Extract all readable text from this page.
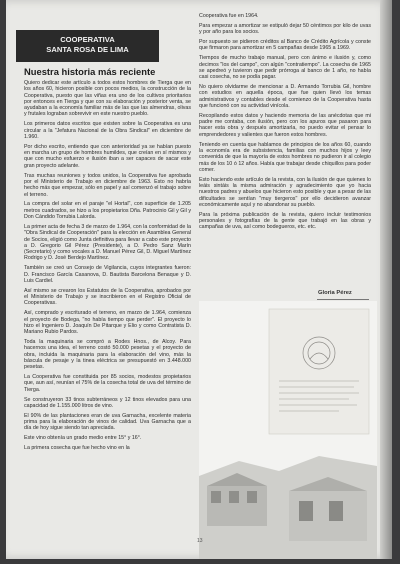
COOPERATIVA
SANTA ROSA DE LIMA
Nuestra historia más reciente

Quiero dedicar este artículo a todos estos hombres de Tierga que en los años 60, hicieron posible con pocos medios, la construcción de la Cooperativa, puesto que las viñas era uno de los cultivos prioritarios por entonces en Tierga y que con su elaboración y posterior venta, se ayudaban a la economía familiar más de las que las almendras, olivas y frutales lograban sobrevivir en este nuestro pueblo.

Los primeros datos escritos que existen sobre la Cooperativa es una circular a la "Jefatura Nacional de la Obra Sindical" en diciembre de 1.960.

Por dicho escrito, entiendo que con anterioridad ya se habían puesto en marcha un grupo de hombres humildes, que creían en sí mismos y que con mucho esfuerzo e ilusión iban a ser capaces de sacar este gran proyecto adelante.

Tras muchas reuniones y todos unidos, la Cooperativa fue aprobada por el Ministerio de Trabajo en diciembre de 1963. Esto no habría hecho más que empezar, sólo en papel y así comenzó el trabajo sobre el terreno.

La compra del solar en el paraje "el Hortal", con superficie de 1.205 metros cuadrados, se hizo a los propietarios Dña. Patrocinio Gil y Gil y Don Cándido Torrubia Lalorda.

La primer acta de fecha 3 de marzo de 1.964, con la conformidad de la "Obra Sindical de Cooperación" para la elección en Asamblea General de Socios, eligió como Junta definitiva para llevar a cabo este proyecto a D. Gregorio Gil Pérez (Presidente), a D. Pedro Sanz Marín (Secretario) y como vocales a D. Manuel Pérez Gil, D. Miguel Martínez Rodrigo y D. José Berdejo Martínez.

También se creó un Consejo de Vigilancia, cuyos integrantes fueron: D. Francisco García Casanova, D. Bautista Barcelona Benaque y D. Luis Cardiel.

Así mismo se crearon los Estatutos de la Cooperativa, aprobados por el Ministerio de Trabajo y se inscribieron en el Registro Oficial de Cooperativas.

Así, comprado y escriturado el terreno, en marzo de 1.964, comienza el proyecto de Bodega, "no había tiempo que perder". El proyecto lo hizo el Ingeniero D. Joaquín De Pitarque y Elio y como Contratista D. Mariano Rubio Pardos.

Toda la maquinaria se compró a Rodes Hnos., de Alcoy. Para hacernos una idea, el terreno costó 50.000 pesetas y el proyecto de obra, incluida la maquinaria para la elaboración del vino, más la báscula de pesaje y la tinea eléctrica se presupuestó en 3.448.000 pesetas.

La Cooperativa fue constituida por 85 socios, modestos propietarios que, aun así, reunían el 75% de la cosecha total de uva del término de Tierga.

Se construyeron 33 tinos subterráneos y 12 tinos elevados para una capacidad de 1.155.000 litros de vino.

El 90% de las plantaciones eran de uva Garnacha, excelente materia prima para la elaboración de vinos de calidad. Uva Garnacha que a día de hoy sigue siendo tan apreciada.

Este vino obtenía un grado medio entre 15° y 16°.

La primera cosecha que fue hecho vino en la

Cooperativa fue en 1964.

Para empezar a amortizar se estipuló dejar 50 céntimos por kilo de uvas y por año para los socios.

Por supuesto se pidieron créditos al Banco de Crédito Agrícola y conste que firmaron para amortizar en 5 campañas desde 1965 a 1969.

Tiempos de mucho trabajo manual, pero con ánimo e ilusión y, como decimos "los del campo", con algún "contratiempo". La cosecha de 1965 se apedreó y tuvieron que pedir prórroga al banco de 1 año, no había casi cosecha, no se podía pagar.

No quiero olvidarme de mencionar a D. Armando Torrubia Gil, hombre con estudios en aquella época, que fue quien llevó los temas administrativos y contables desde el comienzo de la Cooperativa hasta que funcionó con su actividad vinícola.

Recopilando estos datos y haciendo memoria de las anécdotas que mi padre me contaba, con ilusión, pero con los apuros que pasaron para hacer esta obra y después amortizarla, no puedo evitar el pensar lo emprendedores y valientes que fueron estos hombres.

Teniendo en cuenta que hablamos de principios de los años 60, cuando la economía era de subsistencia, familias con muchos hijos y leey convenida de que la mayoría de estos hombres no pudieron ir al colegio más de los 10 ó 12 años. Había que trabajar desde chiquillos para poder comer.

Esto haciendo este artículo de la revista, con la ilusión de que quienes lo leáis sintáis la misma admiración y agradecimiento que yo hacia nuestros padres y abuelos que hicieron esto posible y que a pesar de las dificultades se sentían "muy tiergeros" por ello decidieron avanzar económicamente aquí y no abandonar su pueblo.

Para la próxima publicación de la revista, quiero incluir testimonios personales y fotografías de la gente que trabajó en las obras y campañas de uva, así como bodegueros, etc. etc.

Gloria Pérez
13
